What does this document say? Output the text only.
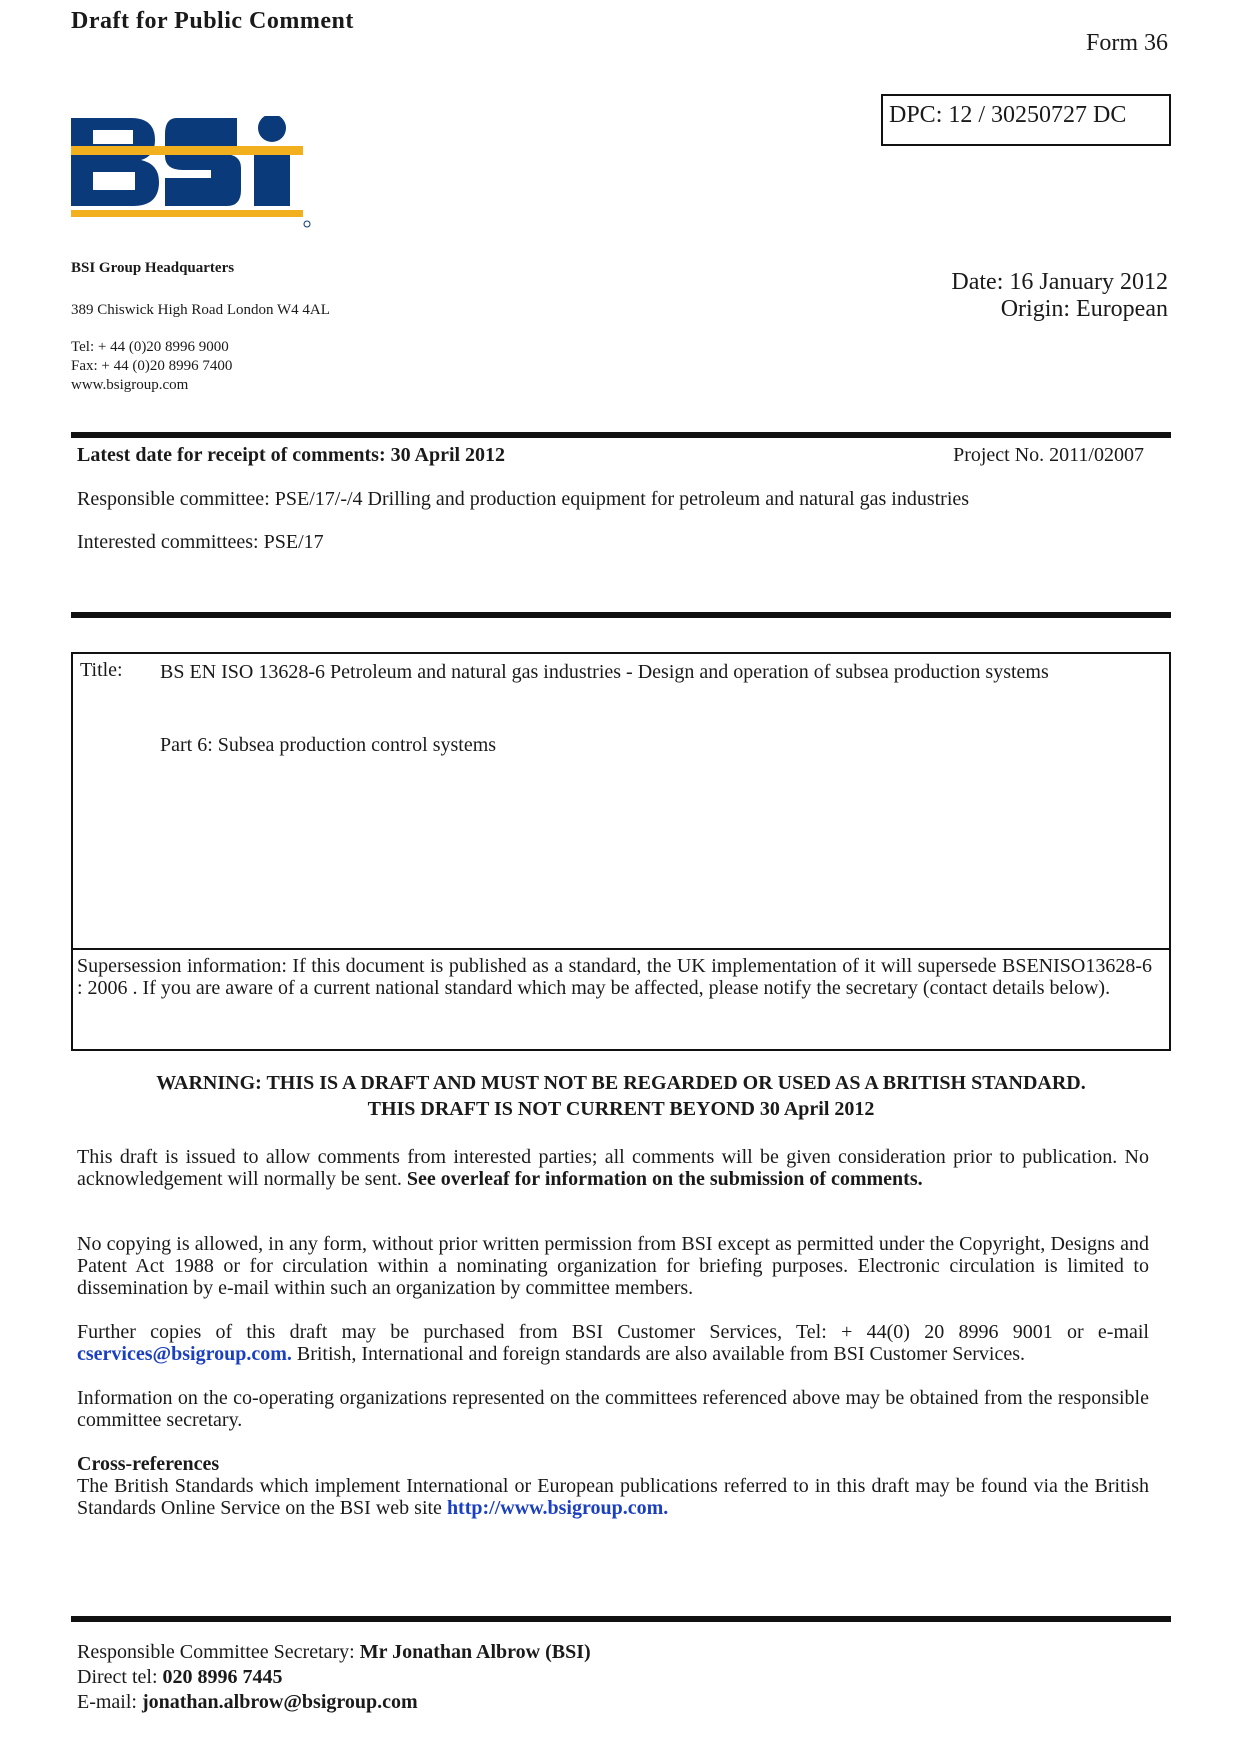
Draft for Public Comment
Form 36
DPC: 12 / 30250727 DC
BSI Group Headquarters
389 Chiswick High Road London W4 4AL
Tel: + 44 (0)20 8996 9000
Fax: + 44 (0)20 8996 7400
www.bsigroup.com
Date: 16 January 2012
Origin: European
Latest date for receipt of comments: 30 April 2012	Project No. 2011/02007
Responsible committee: PSE/17/-/4 Drilling and production equipment for petroleum and natural gas industries
Interested committees: PSE/17
Title: BS EN ISO 13628-6 Petroleum and natural gas industries - Design and operation of subsea production systems
Part 6: Subsea production control systems
Supersession information: If this document is published as a standard, the UK implementation of it will supersede BSENISO13628-6 : 2006 . If you are aware of a current national standard which may be affected, please notify the secretary (contact details below).
WARNING: THIS IS A DRAFT AND MUST NOT BE REGARDED OR USED AS A BRITISH STANDARD.
THIS DRAFT IS NOT CURRENT BEYOND 30 April 2012
This draft is issued to allow comments from interested parties; all comments will be given consideration prior to publication. No acknowledgement will normally be sent. See overleaf for information on the submission of comments.
No copying is allowed, in any form, without prior written permission from BSI except as permitted under the Copyright, Designs and Patent Act 1988 or for circulation within a nominating organization for briefing purposes. Electronic circulation is limited to dissemination by e-mail within such an organization by committee members.
Further copies of this draft may be purchased from BSI Customer Services, Tel: + 44(0) 20 8996 9001 or e-mail cservices@bsigroup.com. British, International and foreign standards are also available from BSI Customer Services.
Information on the co-operating organizations represented on the committees referenced above may be obtained from the responsible committee secretary.
Cross-references
The British Standards which implement International or European publications referred to in this draft may be found via the British Standards Online Service on the BSI web site http://www.bsigroup.com.
Responsible Committee Secretary: Mr Jonathan Albrow (BSI)
Direct tel: 020 8996 7445
E-mail: jonathan.albrow@bsigroup.com
